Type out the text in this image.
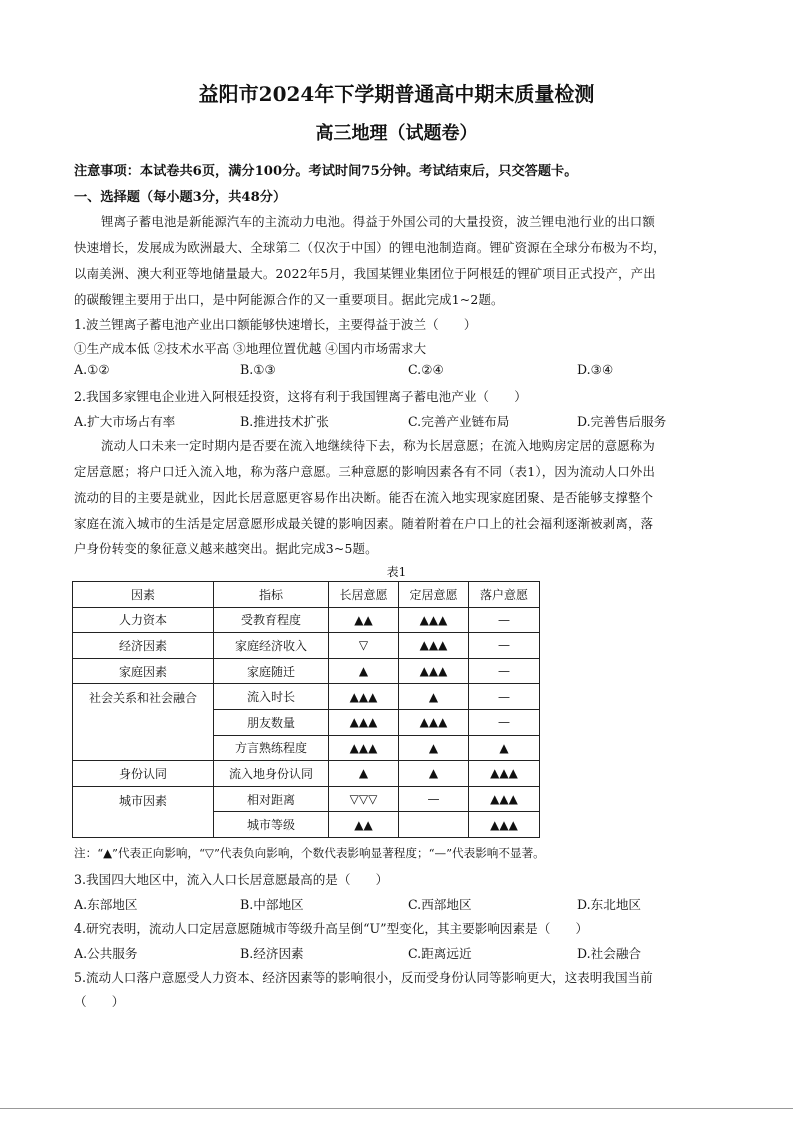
益阳市2024年下学期普通高中期末质量检测
高三地理（试题卷）
注意事项：本试卷共6页，满分100分。考试时间75分钟。考试结束后，只交答题卡。
一、选择题（每小题3分，共48分）
锂离子蓄电池是新能源汽车的主流动力电池。得益于外国公司的大量投资，波兰锂电池行业的出口额
快速增长，发展成为欧洲最大、全球第二（仅次于中国）的锂电池制造商。锂矿资源在全球分布极为不均，
以南美洲、澳大利亚等地储量最大。2022年5月，我国某锂业集团位于阿根廷的锂矿项目正式投产，产出
的碳酸锂主要用于出口，是中阿能源合作的又一重要项目。据此完成1~2题。
1.波兰锂离子蓄电池产业出口额能够快速增长，主要得益于波兰（　　）
①生产成本低 ②技术水平高 ③地理位置优越 ④国内市场需求大
A.①②	B.①③	C.②④	D.③④
2.我国多家锂电企业进入阿根廷投资，这将有利于我国锂离子蓄电池产业（　　）
A.扩大市场占有率	B.推进技术扩张	C.完善产业链布局	D.完善售后服务
流动人口未来一定时期内是否要在流入地继续待下去，称为长居意愿；在流入地购房定居的意愿称为
定居意愿；将户口迁入流入地，称为落户意愿。三种意愿的影响因素各有不同（表1），因为流动人口外出
流动的目的主要是就业，因此长居意愿更容易作出决断。能否在流入地实现家庭团聚、是否能够支撑整个
家庭在流入城市的生活是定居意愿形成最关键的影响因素。随着附着在户口上的社会福利逐渐被剥离，落
户身份转变的象征意义越来越突出。据此完成3~5题。
表1
因素	指标	长居意愿	定居意愿	落户意愿
人力资本	受教育程度	▲▲	▲▲▲	—
经济因素	家庭经济收入	▽	▲▲▲	—
家庭因素	家庭随迁	▲	▲▲▲	—
社会关系和社会融合	流入时长	▲▲▲	▲	—
	朋友数量	▲▲▲	▲▲▲	—
	方言熟练程度	▲▲▲	▲	▲
身份认同	流入地身份认同	▲	▲	▲▲▲
城市因素	相对距离	▽▽▽	—	▲▲▲
	城市等级	▲▲		▲▲▲
注：“▲”代表正向影响，“▽”代表负向影响，个数代表影响显著程度；“—”代表影响不显著。
3.我国四大地区中，流入人口长居意愿最高的是（　　）
A.东部地区	B.中部地区	C.西部地区	D.东北地区
4.研究表明，流动人口定居意愿随城市等级升高呈倒“U”型变化，其主要影响因素是（　　）
A.公共服务	B.经济因素	C.距离远近	D.社会融合
5.流动人口落户意愿受人力资本、经济因素等的影响很小，反而受身份认同等影响更大，这表明我国当前
（　　）
